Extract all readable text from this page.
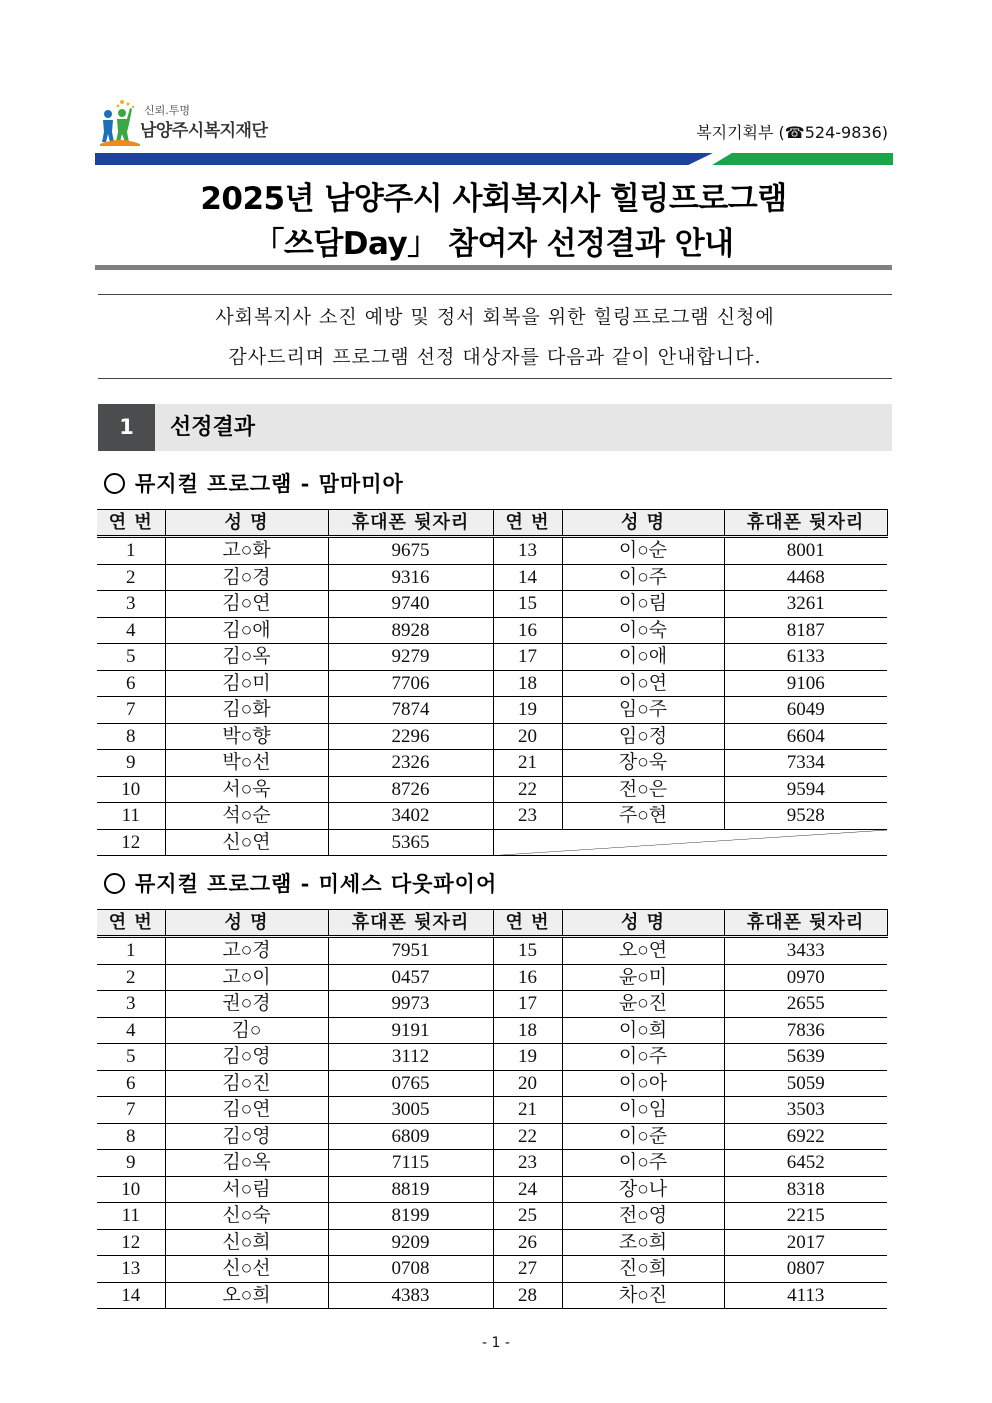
신뢰.투명
남양주시복지재단	복지기획부 (☎524-9836)
2025년 남양주시 사회복지사 힐링프로그램
「쓰담Day」 참여자 선정결과 안내

사회복지사 소진 예방 및 정서 회복을 위한 힐링프로그램 신청에

감사드리며 프로그램 선정 대상자를 다음과 같이 안내합니다.

1	선정결과
뮤지컬 프로그램 - 맘마미아
연 번	성 명	휴대폰 뒷자리	연 번	성 명	휴대폰 뒷자리
1	고○화	9675	13	이○순	8001
2	김○경	9316	14	이○주	4468
3	김○연	9740	15	이○림	3261
4	김○애	8928	16	이○숙	8187
5	김○옥	9279	17	이○애	6133
6	김○미	7706	18	이○연	9106
7	김○화	7874	19	임○주	6049
8	박○향	2296	20	임○정	6604
9	박○선	2326	21	장○욱	7334
10	서○욱	8726	22	전○은	9594
11	석○순	3402	23	주○현	9528
12	신○연	5365	
뮤지컬 프로그램 - 미세스 다웃파이어
연 번	성 명	휴대폰 뒷자리	연 번	성 명	휴대폰 뒷자리
1	고○경	7951	15	오○연	3433
2	고○이	0457	16	윤○미	0970
3	권○경	9973	17	윤○진	2655
4	김○	9191	18	이○희	7836
5	김○영	3112	19	이○주	5639
6	김○진	0765	20	이○아	5059
7	김○연	3005	21	이○임	3503
8	김○영	6809	22	이○준	6922
9	김○옥	7115	23	이○주	6452
10	서○림	8819	24	장○나	8318
11	신○숙	8199	25	전○영	2215
12	신○희	9209	26	조○희	2017
13	신○선	0708	27	진○희	0807
14	오○희	4383	28	차○진	4113
- 1 -
